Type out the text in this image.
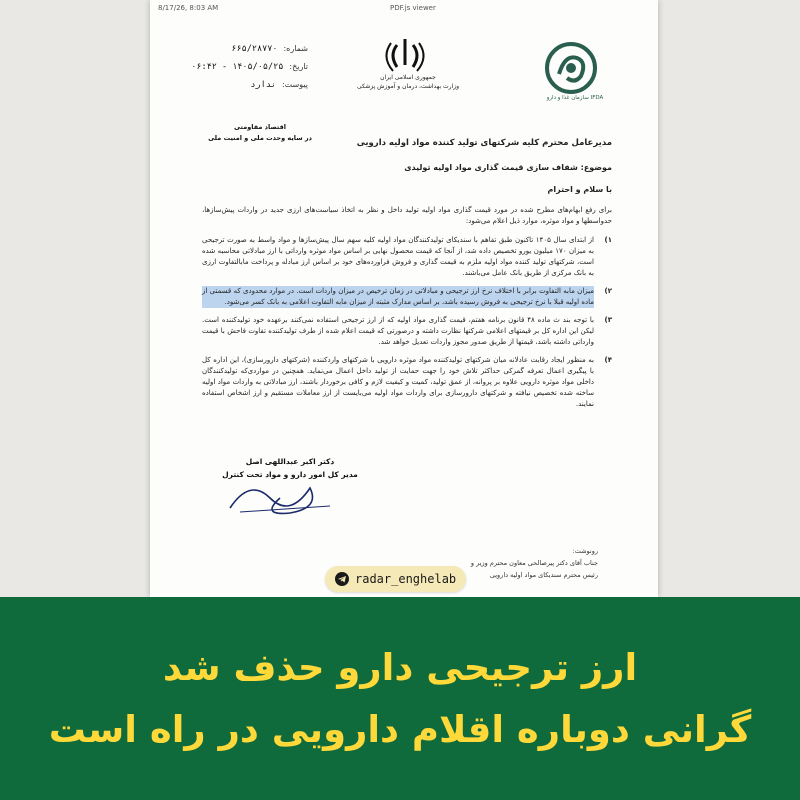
8/17/26, 8:03 AM	PDF.js viewer
سازمان غذا و دارو IFDA
جمهوری اسلامی ایران
وزارت بهداشت، درمان و آموزش پزشکی
شماره:
۶۶۵/۲۸۷۷۰
تاریخ:
۱۴۰۵/۰۵/۲۵ - ۰۶:۴۲
پیوست:
ندارد
اقتصاد مقاومتی
در سایه وحدت ملی و امنیت ملی	مدیرعامل محترم کلیه شرکتهای تولید کننده مواد اولیه دارویی
موضوع: شفاف سازی قیمت گذاری مواد اولیه تولیدی
با سلام و احترام
برای رفع ابهام‌های مطرح شده در مورد قیمت گذاری مواد اولیه تولید داخل و نظر به اتخاذ سیاست‌های ارزی جدید در واردات پیش‌سازها، حدواسطها و مواد موثره، موارد ذیل اعلام می‌شود:
۱)
از ابتدای سال ۱۴۰۵ تاکنون طبق تفاهم با سندیکای تولیدکنندگان مواد اولیه کلیه سهم سال پیش‌سازها و مواد واسط به صورت ترجیحی به میزان ۱۷۰ میلیون یورو تخصیص داده شد، از آنجا که قیمت محصول نهایی بر اساس مواد موثره وارداتی با ارز مبادلاتی محاسبه شده است، شرکتهای تولید کننده مواد اولیه ملزم به قیمت گذاری و فروش فراورده‌های خود بر اساس ارز مبادله و پرداخت مابالتفاوت ارزی به بانک مرکزی از طریق بانک عامل می‌باشند.
۲)
میزان مابه التفاوت برابر با اختلاف نرخ ارز ترجیحی و مبادلاتی در زمان ترخیص در میزان واردات است. در موارد محدودی که قسمتی از ماده اولیه قبلا با نرخ ترجیحی به فروش رسیده باشد، بر اساس مدارک مثبته از میزان مابه التفاوت اعلامی به بانک کسر می‌شود.
۳)
با توجه بند ث ماده ۴۸ قانون برنامه هفتم، قیمت گذاری مواد اولیه که از ارز ترجیحی استفاده نمی‌کنند برعهده خود تولیدکننده است. لیکن این اداره کل بر قیمتهای اعلامی شرکتها نظارت داشته و درصورتی که قیمت اعلام شده از طرف تولیدکننده تفاوت فاحش با قیمت وارداتی داشته باشد، قیمتها از طریق صدور مجوز واردات تعدیل خواهد شد.
۴)
به منظور ایجاد رقابت عادلانه میان شرکتهای تولیدکننده مواد موثره دارویی با شرکتهای واردکننده (شرکتهای دارورسازی)، این اداره کل با پیگیری اعمال تعرفه گمرکی حداکثر تلاش خود را جهت حمایت از تولید داخل اعمال می‌نماید. همچنین در مواردی‌که تولیدکنندگان داخلی مواد موثره دارویی علاوه بر پروانه، از عمق تولید، کمیت و کیفیت لازم و کافی برخوردار باشند، ارز مبادلاتی به واردات مواد اولیه ساخته شده تخصیص نیافته و شرکتهای دارورسازی برای واردات مواد اولیه می‌بایست از ارز معاملات مستقیم و ارز اشخاص استفاده نمایند.
دکتر اکبر عبداللهی اصل
مدیر کل امور دارو و مواد تحت کنترل
رونوشت:
جناب آقای دکتر پیرصالحی معاون محترم وزیر و
رئیس محترم سندیکای مواد اولیه دارویی
radar_enghelab
ارز ترجیحی دارو حذف شد
گرانی دوباره اقلام دارویی در راه است
